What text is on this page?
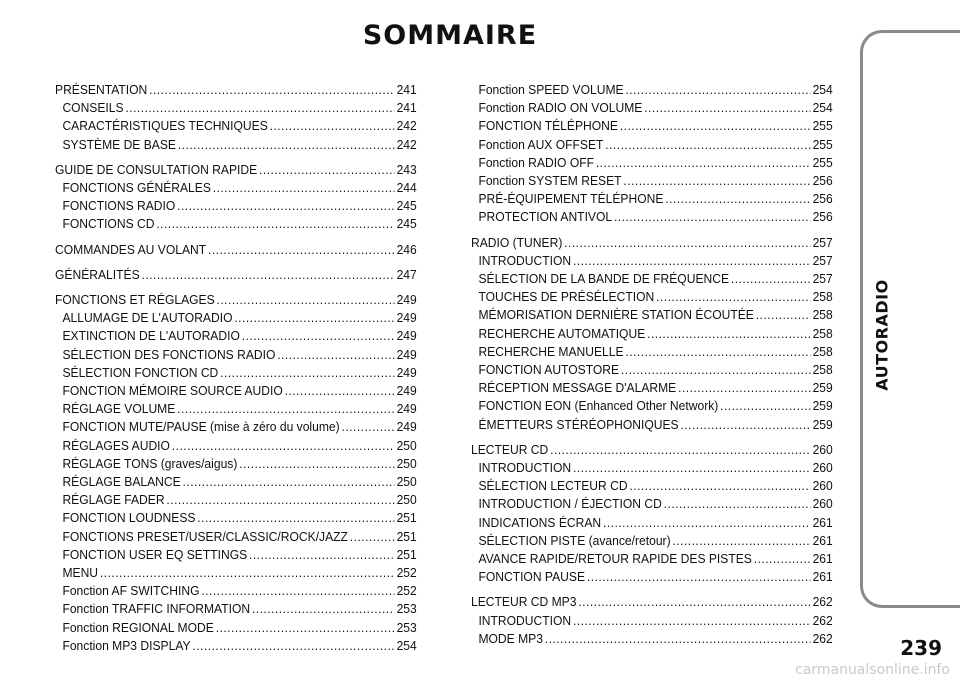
SOMMAIRE
PRÉSENTATION .....	241
CONSEILS .....	241
CARACTÉRISTIQUES TECHNIQUES .....	242
SYSTÈME DE BASE .....	242
GUIDE DE CONSULTATION RAPIDE .....	243
FONCTIONS GÉNÉRALES .....	244
FONCTIONS RADIO .....	245
FONCTIONS CD .....	245
COMMANDES AU VOLANT .....	246
GÉNÉRALITÉS .....	247
FONCTIONS ET RÉGLAGES .....	249
ALLUMAGE DE L'AUTORADIO .....	249
EXTINCTION DE L'AUTORADIO .....	249
SÉLECTION DES FONCTIONS RADIO .....	249
SÉLECTION FONCTION CD .....	249
FONCTION MÉMOIRE SOURCE AUDIO .....	249
RÉGLAGE VOLUME .....	249
FONCTION MUTE/PAUSE (mise à zéro du volume) .....	249
RÉGLAGES AUDIO .....	250
RÉGLAGE TONS (graves/aigus) .....	250
RÉGLAGE BALANCE .....	250
RÉGLAGE FADER .....	250
FONCTION LOUDNESS .....	251
FONCTIONS PRESET/USER/CLASSIC/ROCK/JAZZ .....	251
FONCTION USER EQ SETTINGS .....	251
MENU .....	252
Fonction AF SWITCHING .....	252
Fonction TRAFFIC INFORMATION .....	253
Fonction REGIONAL MODE .....	253
Fonction MP3 DISPLAY .....	254
Fonction SPEED VOLUME .....	254
Fonction RADIO ON VOLUME .....	254
FONCTION TÉLÉPHONE .....	255
Fonction AUX OFFSET .....	255
Fonction RADIO OFF .....	255
Fonction SYSTEM RESET .....	256
PRÉ-ÉQUIPEMENT TÉLÉPHONE .....	256
PROTECTION ANTIVOL .....	256
RADIO (TUNER) .....	257
INTRODUCTION .....	257
SÉLECTION DE LA BANDE DE FRÉQUENCE .....	257
TOUCHES DE PRÉSÉLECTION .....	258
MÉMORISATION DERNIÈRE STATION ÉCOUTÉE .....	258
RECHERCHE AUTOMATIQUE .....	258
RECHERCHE MANUELLE .....	258
FONCTION AUTOSTORE .....	258
RÉCEPTION MESSAGE D'ALARME .....	259
FONCTION EON (Enhanced Other Network) .....	259
ÉMETTEURS STÉRÉOPHONIQUES .....	259
LECTEUR CD .....	260
INTRODUCTION .....	260
SÉLECTION LECTEUR CD .....	260
INTRODUCTION / ÉJECTION CD .....	260
INDICATIONS ÉCRAN .....	261
SÉLECTION PISTE (avance/retour) .....	261
AVANCE RAPIDE/RETOUR RAPIDE DES PISTES .....	261
FONCTION PAUSE .....	261
LECTEUR CD MP3 .....	262
INTRODUCTION .....	262
MODE MP3 .....	262
AUTORADIO
239
carmanualsonline.info
